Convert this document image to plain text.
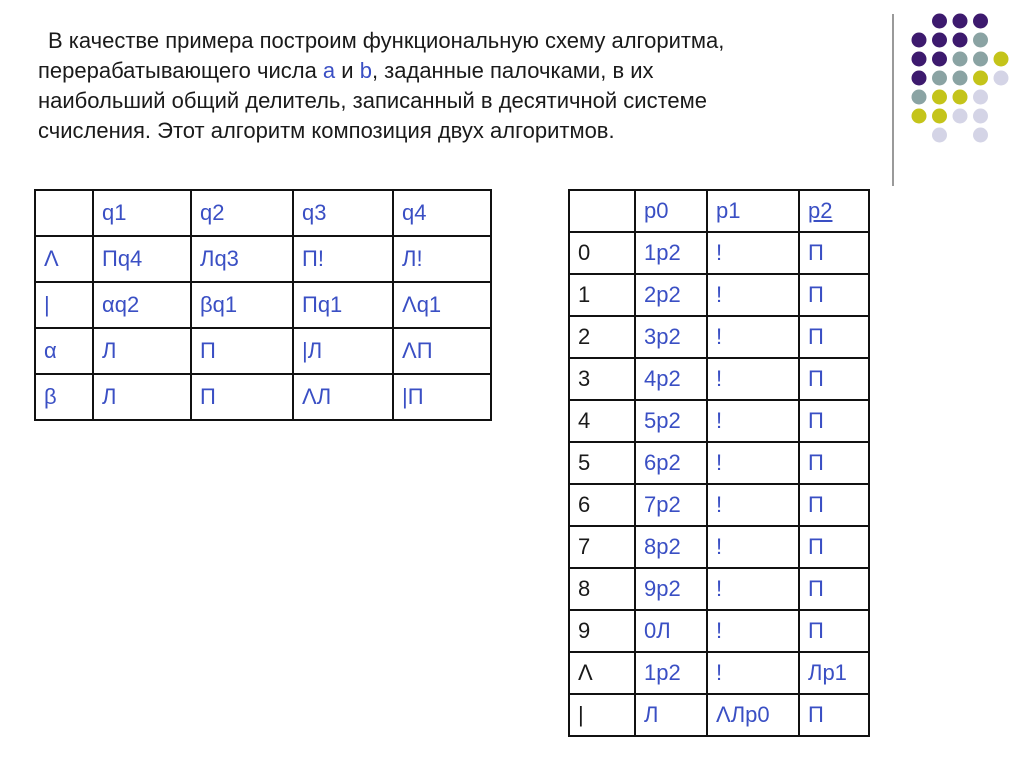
В качестве примера построим функциональную схему алгоритма,
перерабатывающего числа a и b, заданные палочками, в их
наибольший общий делитель, записанный в десятичной системе
счисления. Этот алгоритм композиция двух алгоритмов.

	q1	q2	q3	q4
Λ	Пq4	Лq3	П!	Л!
|	αq2	βq1	Пq1	Λq1
α	Л	П	|Л	ΛП
β	Л	П	ΛЛ	|П
	p0	p1	p2
0	1p2	!	П
1	2p2	!	П
2	3p2	!	П
3	4p2	!	П
4	5p2	!	П
5	6p2	!	П
6	7p2	!	П
7	8p2	!	П
8	9p2	!	П
9	0Л	!	П
Λ	1p2	!	Лp1
|	Л	ΛЛp0	П
